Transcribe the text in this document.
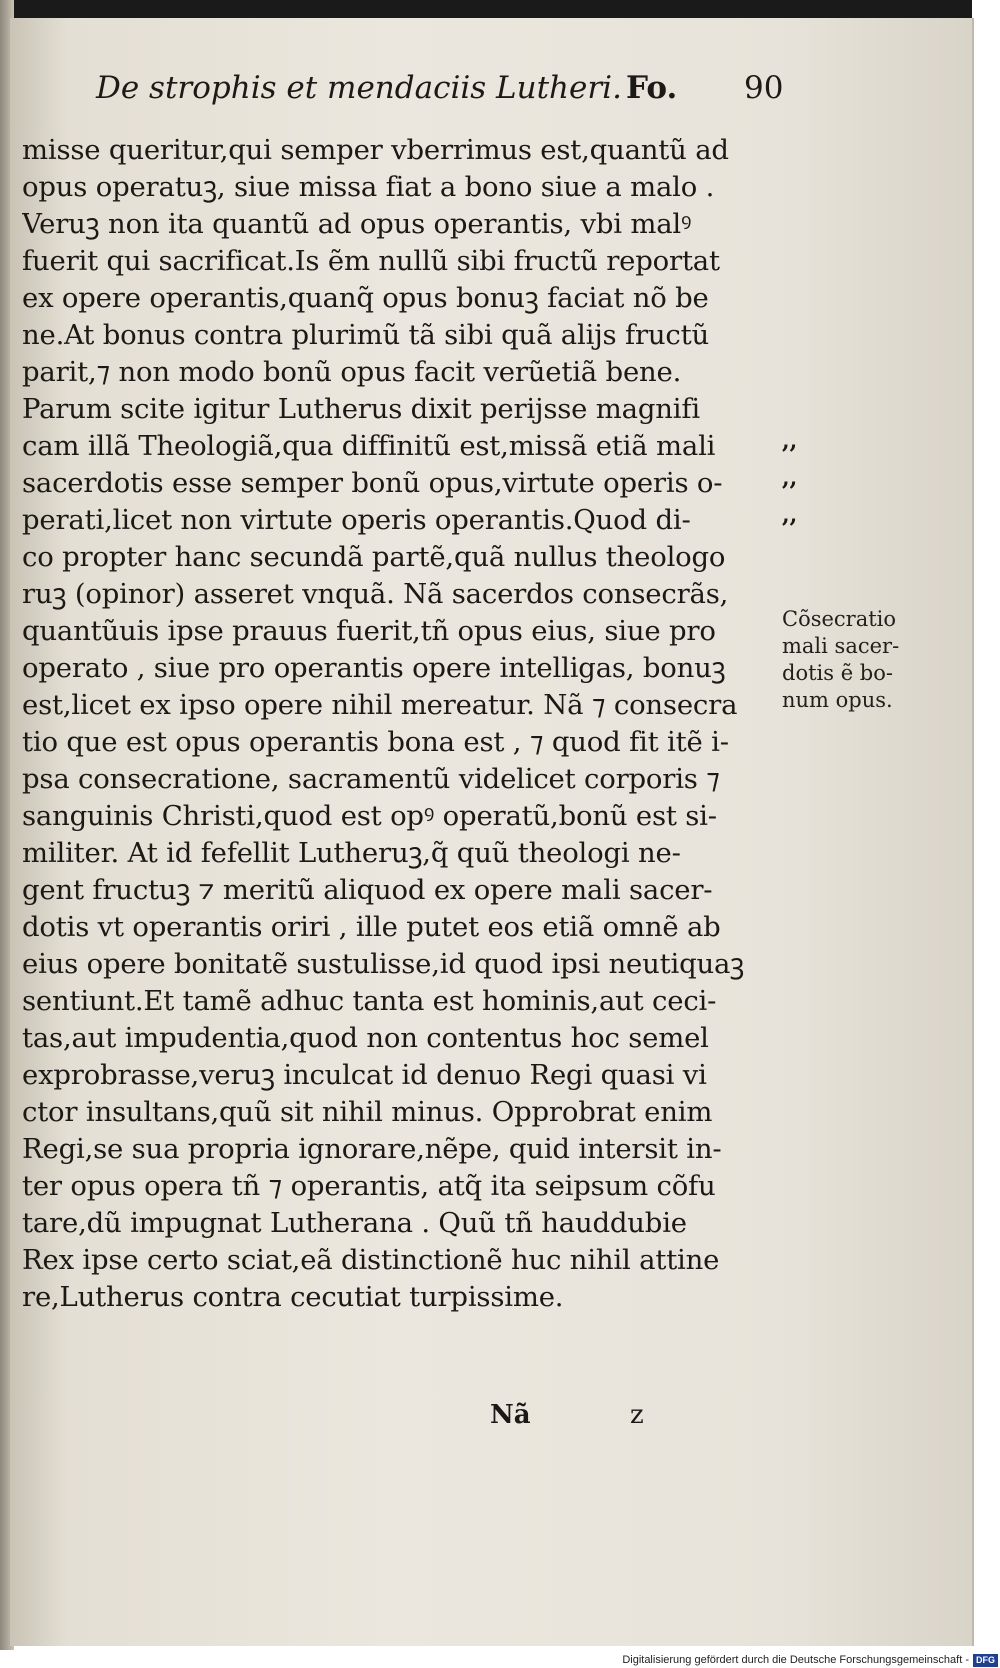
De strophis et mendaciis Lutheri. Fo. 90
misse queritur,qui semper vberrimus est,quantũ ad
opus operatuꝫ, siue missa fiat a bono siue a malo .
Veruꝫ non ita quantũ ad opus operantis, vbi malꝰ
fuerit qui sacrificat.Is ẽm nullũ sibi fructũ reportat
ex opere operantis,quanq̃ opus bonuꝫ faciat nõ be
ne.At bonus contra plurimũ tã sibi quã alijs fructũ
parit,⁊ non modo bonũ opus facit verũetiã bene.
Parum scite igitur Lutherus dixit perijsse magnifi
cam illã Theologiã,qua diffinitũ est,missã etiã mali
sacerdotis esse semper bonũ opus,virtute operis o-
perati,licet non virtute operis operantis.Quod di-
co propter hanc secundã partẽ,quã nullus theologo
ruꝫ (opinor) asseret vnquã. Nã sacerdos consecrãs,
quantũuis ipse prauus fuerit,tñ opus eius, siue pro
operato , siue pro operantis opere intelligas, bonuꝫ
est,licet ex ipso opere nihil mereatur. Nã ⁊ consecra
tio que est opus operantis bona est , ⁊ quod fit itẽ i-
psa consecratione, sacramentũ videlicet corporis ⁊
sanguinis Christi,quod est opꝰ operatũ,bonũ est si-
militer. At id fefellit Lutheruꝫ,q̃ quũ theologi ne-
gent fructuꝫ ⁊ meritũ aliquod ex opere mali sacer-
dotis vt operantis oriri , ille putet eos etiã omnẽ ab
eius opere bonitatẽ sustulisse,id quod ipsi neutiquaꝫ
sentiunt.Et tamẽ adhuc tanta est hominis,aut ceci-
tas,aut impudentia,quod non contentus hoc semel
exprobrasse,veruꝫ inculcat id denuo Regi quasi vi
ctor insultans,quũ sit nihil minus. Opprobrat enim
Regi,se sua propria ignorare,nẽpe, quid intersit in-
ter opus opera tñ ⁊ operantis, atq̃ ita seipsum cõfu
tare,dũ impugnat Lutherana . Quũ tñ hauddubie
Rex ipse certo sciat,eã distinctionẽ huc nihil attine
re,Lutherus contra cecutiat turpissime.
,,
,,
,,
Cõsecratio
mali sacer-
dotis ẽ bo-
num opus.
Nã	z
Digitalisierung gefördert durch die Deutsche Forschungsgemeinschaft - DFG
